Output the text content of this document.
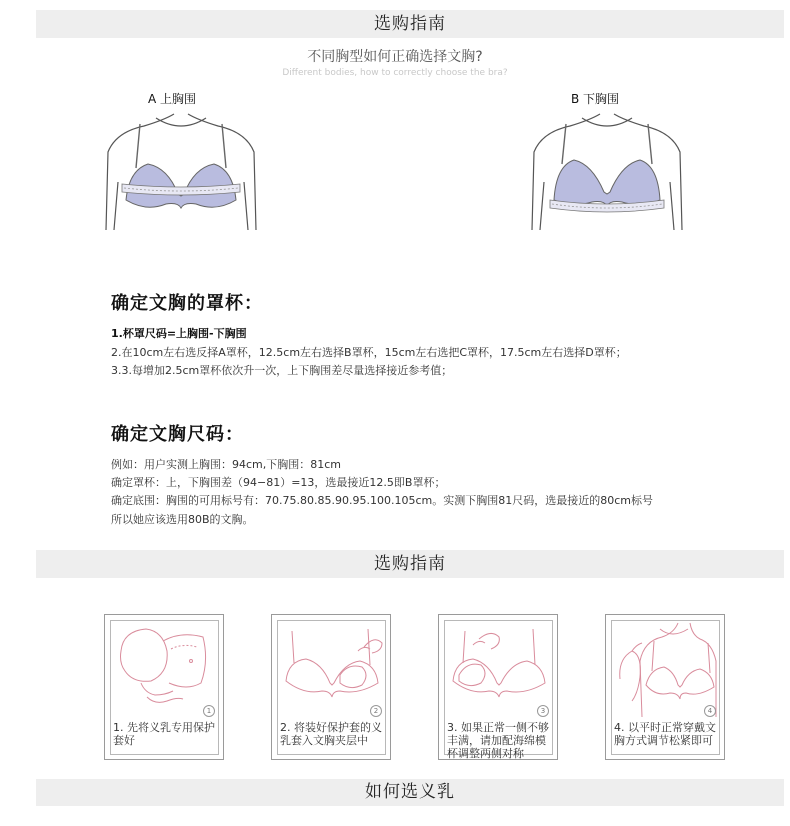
选购指南
不同胸型如何正确选择文胸?
Different bodies, how to correctly choose the bra?
A 上胸围	B 下胸围
确定文胸的罩杯：
1.杯罩尺码=上胸围-下胸围
2.在10cm左右选反择A罩杯，12.5cm左右选择B罩杯，15cm左右选把C罩杯，17.5cm左右选择D罩杯；
3.3.每增加2.5cm罩杯依次升一次，上下胸围差尽量选择接近参考值；
确定文胸尺码：
例如：用户实测上胸围：94cm,下胸围：81cm
确定罩杯：上，下胸围差（94−81）=13，选最接近12.5即B罩杯；
确定底围：胸围的可用标号有：70.75.80.85.90.95.100.105cm。实测下胸围81尺码，选最接近的80cm标号
所以她应该选用80B的文胸。
选购指南
1
1. 先将义乳专用保护套好
2
2. 将装好保护套的义乳套入文胸夹层中
3
3. 如果正常一侧不够丰满，请加配海绵模杯调整两侧对称
4
4. 以平时正常穿戴文胸方式调节松紧即可
如何选义乳
